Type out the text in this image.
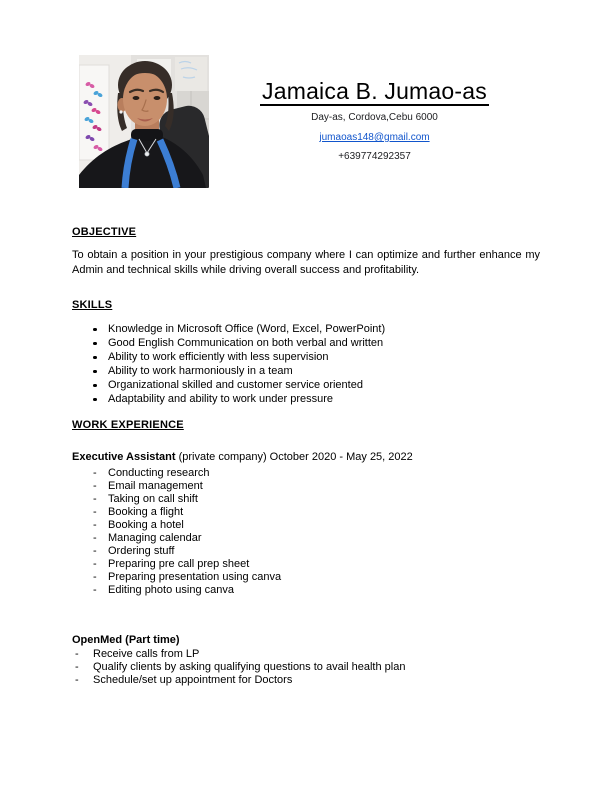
Jamaica B. Jumao-as
Day-as, Cordova,Cebu 6000
jumaoas148@gmail.com
+639774292357
OBJECTIVE

To obtain a position in your prestigious company where I can optimize and further enhance my Admin and technical skills while driving overall success and profitability.

SKILLS
Knowledge in Microsoft Office (Word, Excel, PowerPoint)
Good English Communication on both verbal and written
Ability to work efficiently with less supervision
Ability to work harmoniously in a team
Organizational skilled and customer service oriented
Adaptability and ability to work under pressure
WORK EXPERIENCE
Executive Assistant (private company) October 2020 - May 25, 2022
- Conducting research
- Email management
- Taking on call shift
- Booking a flight
- Booking a hotel
- Managing calendar
- Ordering stuff
- Preparing pre call prep sheet
- Preparing presentation using canva
- Editing photo using canva
OpenMed (Part time)
- Receive calls from LP
- Qualify clients by asking qualifying questions to avail health plan
- Schedule/set up appointment for Doctors
